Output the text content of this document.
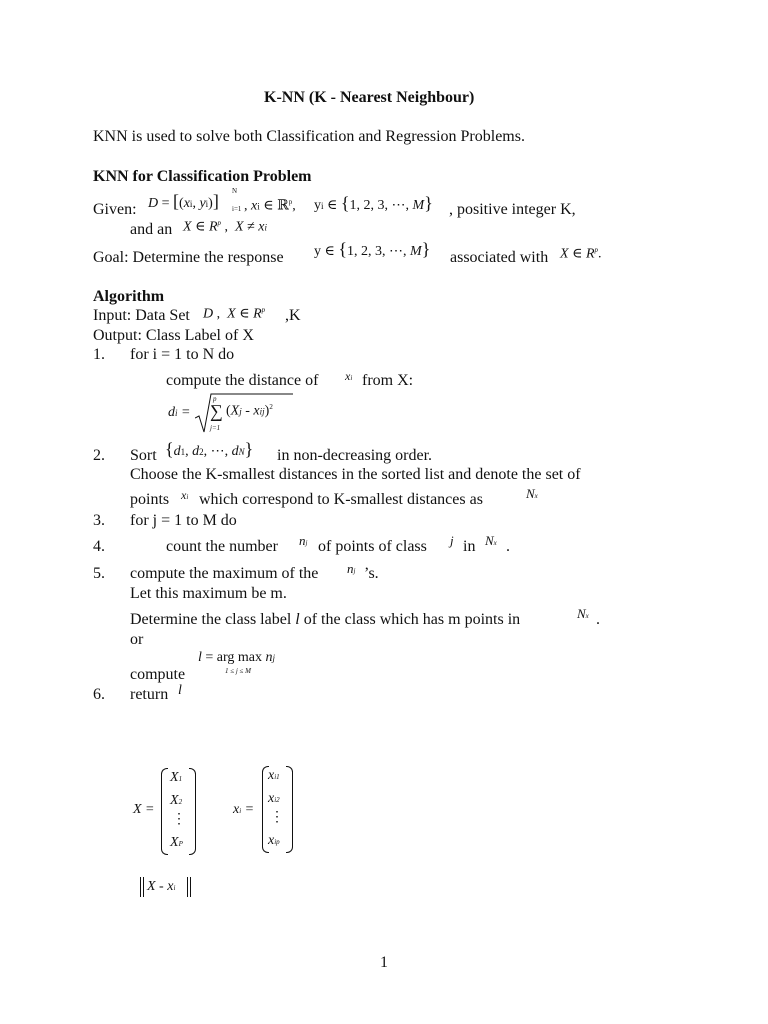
K-NN (K - Nearest Neighbour)
KNN is used to solve both Classification and Regression Problems.
KNN for Classification Problem
Given: D = [(xi, yi)] N
i=1 , xi ∈ ℝ$^p$, yi ∈ {1, 2, 3, ⋯, M} , positive integer K,
and an X ∈ $R^p$ ,  X ≠ xi
Goal: Determine the response y ∈ {1, 2, 3, ⋯, M} associated with X ∈ $R^p$.
Algorithm
Input: Data Set D ,  X ∈ $R^p$ ,K
Output: Class Label of X
1. for i = 1 to N do
compute the distance of xi from X:
di =
p
∑
j=1
(Xj - xij)$^2$
2. Sort {d1, d2, ⋯, dN} in non-decreasing order.
Choose the K-smallest distances in the sorted list and denote the set of
points xi which correspond to K-smallest distances as	Nx
3. for j = 1 to M do
4.	count the number nj of points of class j in Nx .
5. compute the maximum of the nj ’s.
Let this maximum be m.
Determine the class label l of the class which has m points in	Nx .
or
l = arg max nj
1 ≤ j ≤ M
compute
6. return l
X =
X1
X2
⋮
XP
xi =
xi1
xi2
⋮
xip
X - xi
1
